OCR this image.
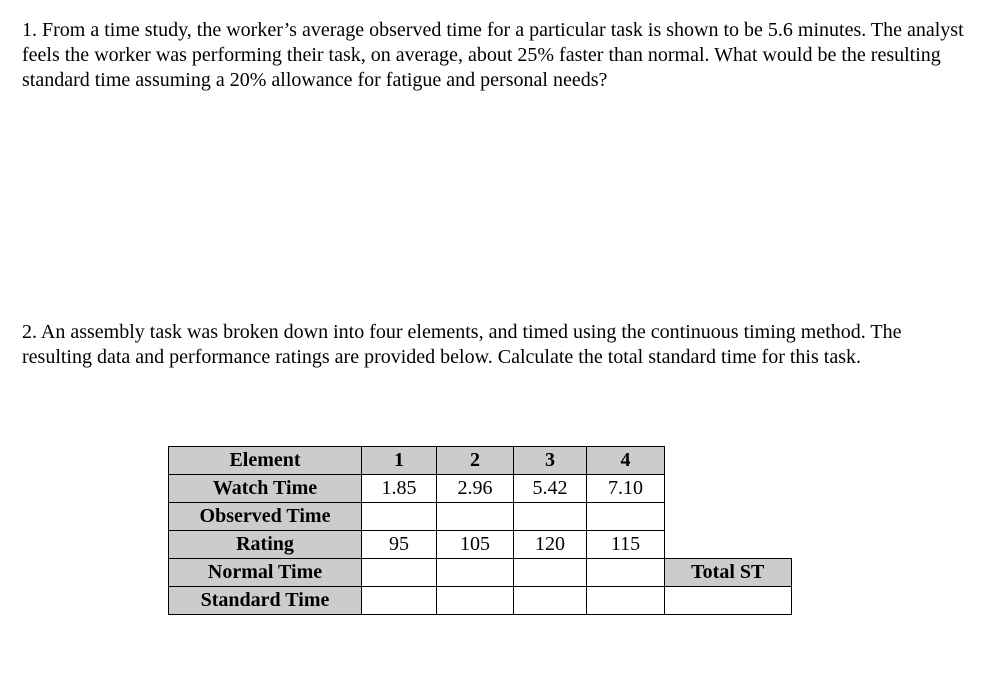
1. From a time study, the worker’s average observed time for a particular task is shown to be 5.6 minutes. The analyst feels the worker was performing their task, on average, about 25% faster than normal. What would be the resulting standard time assuming a 20% allowance for fatigue and personal needs?

2. An assembly task was broken down into four elements, and timed using the continuous timing method. The resulting data and performance ratings are provided below. Calculate the total standard time for this task.

Element	1	2	3	4	
Watch Time	1.85	2.96	5.42	7.10	
Observed Time					
Rating	95	105	120	115	
Normal Time					Total ST
Standard Time					
